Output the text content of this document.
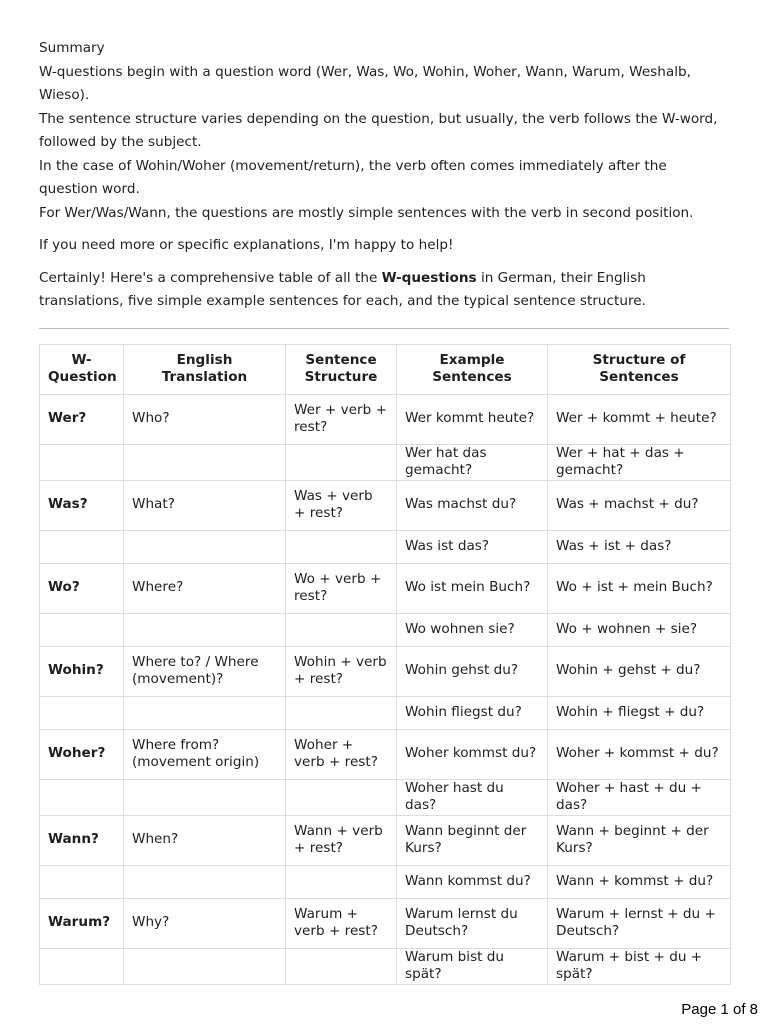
Summary

W-questions begin with a question word (Wer, Was, Wo, Wohin, Woher, Wann, Warum, Weshalb, Wieso).

The sentence structure varies depending on the question, but usually, the verb follows the W-word, followed by the subject.

In the case of Wohin/Woher (movement/return), the verb often comes immediately after the question word.

For Wer/Was/Wann, the questions are mostly simple sentences with the verb in second position.

If you need more or specific explanations, I'm happy to help!

Certainly! Here's a comprehensive table of all the W-questions in German, their English translations, five simple example sentences for each, and the typical sentence structure.

W-Question	English Translation	Sentence Structure	Example Sentences	Structure of Sentences
Wer?	Who?	Wer + verb + rest?	Wer kommt heute?	Wer + kommt + heute?
			Wer hat das gemacht?	Wer + hat + das + gemacht?
Was?	What?	Was + verb + rest?	Was machst du?	Was + machst + du?
			Was ist das?	Was + ist + das?
Wo?	Where?	Wo + verb + rest?	Wo ist mein Buch?	Wo + ist + mein Buch?
			Wo wohnen sie?	Wo + wohnen + sie?
Wohin?	Where to? / Where (movement)?	Wohin + verb + rest?	Wohin gehst du?	Wohin + gehst + du?
			Wohin fliegst du?	Wohin + fliegst + du?
Woher?	Where from? (movement origin)	Woher + verb + rest?	Woher kommst du?	Woher + kommst + du?
			Woher hast du das?	Woher + hast + du + das?
Wann?	When?	Wann + verb + rest?	Wann beginnt der Kurs?	Wann + beginnt + der Kurs?
			Wann kommst du?	Wann + kommst + du?
Warum?	Why?	Warum + verb + rest?	Warum lernst du Deutsch?	Warum + lernst + du + Deutsch?
			Warum bist du spät?	Warum + bist + du + spät?
Page 1 of 8
